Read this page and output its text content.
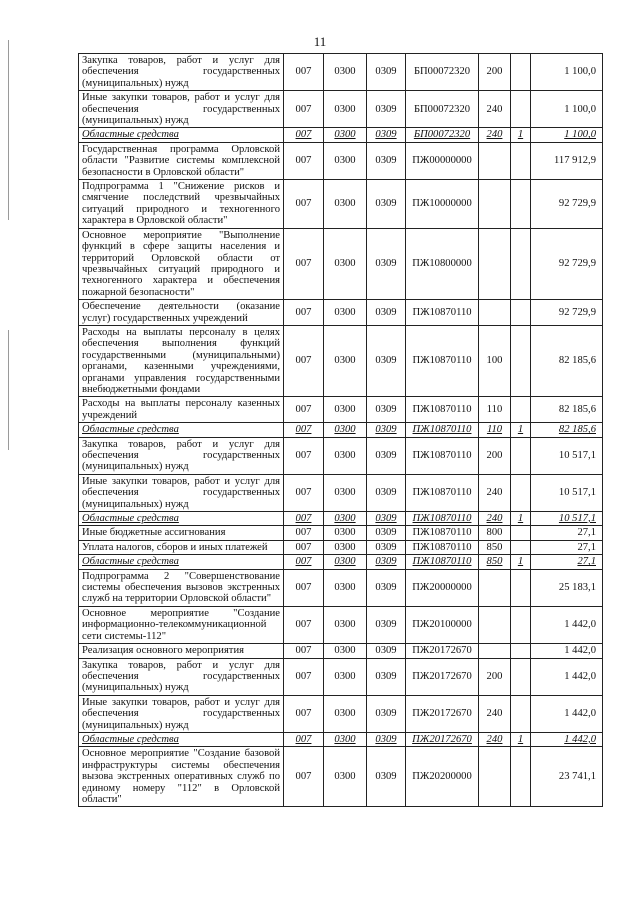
11
Закупка товаров, работ и услуг для обеспечения государственных (муниципальных) нужд	007	0300	0309	БП00072320	200		1 100,0
Иные закупки товаров, работ и услуг для обеспечения государственных (муниципальных) нужд	007	0300	0309	БП00072320	240		1 100,0
Областные средства	007	0300	0309	БП00072320	240	1	1 100,0
Государственная программа Орловской области "Развитие системы комплексной безопасности в Орловской области"	007	0300	0309	ПЖ00000000			117 912,9
Подпрограмма 1 "Снижение рисков и смягчение последствий чрезвычайных ситуаций природного и техногенного характера в Орловской области"	007	0300	0309	ПЖ10000000			92 729,9
Основное мероприятие "Выполнение функций в сфере защиты населения и территорий Орловской области от чрезвычайных ситуаций природного и техногенного характера и обеспечения пожарной безопасности"	007	0300	0309	ПЖ10800000			92 729,9
Обеспечение деятельности (оказание услуг) государственных учреждений	007	0300	0309	ПЖ10870110			92 729,9
Расходы на выплаты персоналу в целях обеспечения выполнения функций государственными (муниципальными) органами, казенными учреждениями, органами управления государственными внебюджетными фондами	007	0300	0309	ПЖ10870110	100		82 185,6
Расходы на выплаты персоналу казенных учреждений	007	0300	0309	ПЖ10870110	110		82 185,6
Областные средства	007	0300	0309	ПЖ10870110	110	1	82 185,6
Закупка товаров, работ и услуг для обеспечения государственных (муниципальных) нужд	007	0300	0309	ПЖ10870110	200		10 517,1
Иные закупки товаров, работ и услуг для обеспечения государственных (муниципальных) нужд	007	0300	0309	ПЖ10870110	240		10 517,1
Областные средства	007	0300	0309	ПЖ10870110	240	1	10 517,1
Иные бюджетные ассигнования	007	0300	0309	ПЖ10870110	800		27,1
Уплата налогов, сборов и иных платежей	007	0300	0309	ПЖ10870110	850		27,1
Областные средства	007	0300	0309	ПЖ10870110	850	1	27,1
Подпрограмма 2 "Совершенствование системы обеспечения вызовов экстренных служб на территории Орловской области"	007	0300	0309	ПЖ20000000			25 183,1
Основное мероприятие "Создание информационно-телекоммуникационной сети системы-112"	007	0300	0309	ПЖ20100000			1 442,0
Реализация основного мероприятия	007	0300	0309	ПЖ20172670			1 442,0
Закупка товаров, работ и услуг для обеспечения государственных (муниципальных) нужд	007	0300	0309	ПЖ20172670	200		1 442,0
Иные закупки товаров, работ и услуг для обеспечения государственных (муниципальных) нужд	007	0300	0309	ПЖ20172670	240		1 442,0
Областные средства	007	0300	0309	ПЖ20172670	240	1	1 442,0
Основное мероприятие "Создание базовой инфраструктуры системы обеспечения вызова экстренных оперативных служб по единому номеру "112" в Орловской области"	007	0300	0309	ПЖ20200000			23 741,1
